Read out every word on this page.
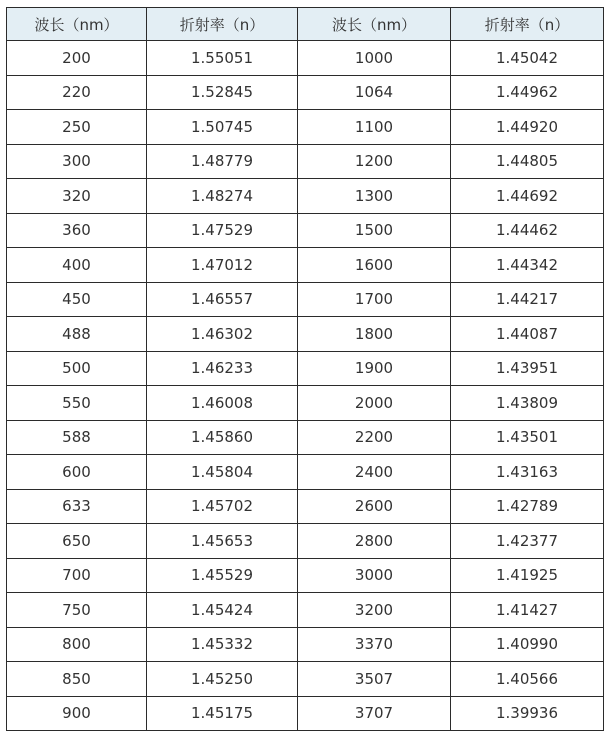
波长（nm）	折射率（n）	波长（nm）	折射率（n）
200	1.55051	1000	1.45042
220	1.52845	1064	1.44962
250	1.50745	1100	1.44920
300	1.48779	1200	1.44805
320	1.48274	1300	1.44692
360	1.47529	1500	1.44462
400	1.47012	1600	1.44342
450	1.46557	1700	1.44217
488	1.46302	1800	1.44087
500	1.46233	1900	1.43951
550	1.46008	2000	1.43809
588	1.45860	2200	1.43501
600	1.45804	2400	1.43163
633	1.45702	2600	1.42789
650	1.45653	2800	1.42377
700	1.45529	3000	1.41925
750	1.45424	3200	1.41427
800	1.45332	3370	1.40990
850	1.45250	3507	1.40566
900	1.45175	3707	1.39936
